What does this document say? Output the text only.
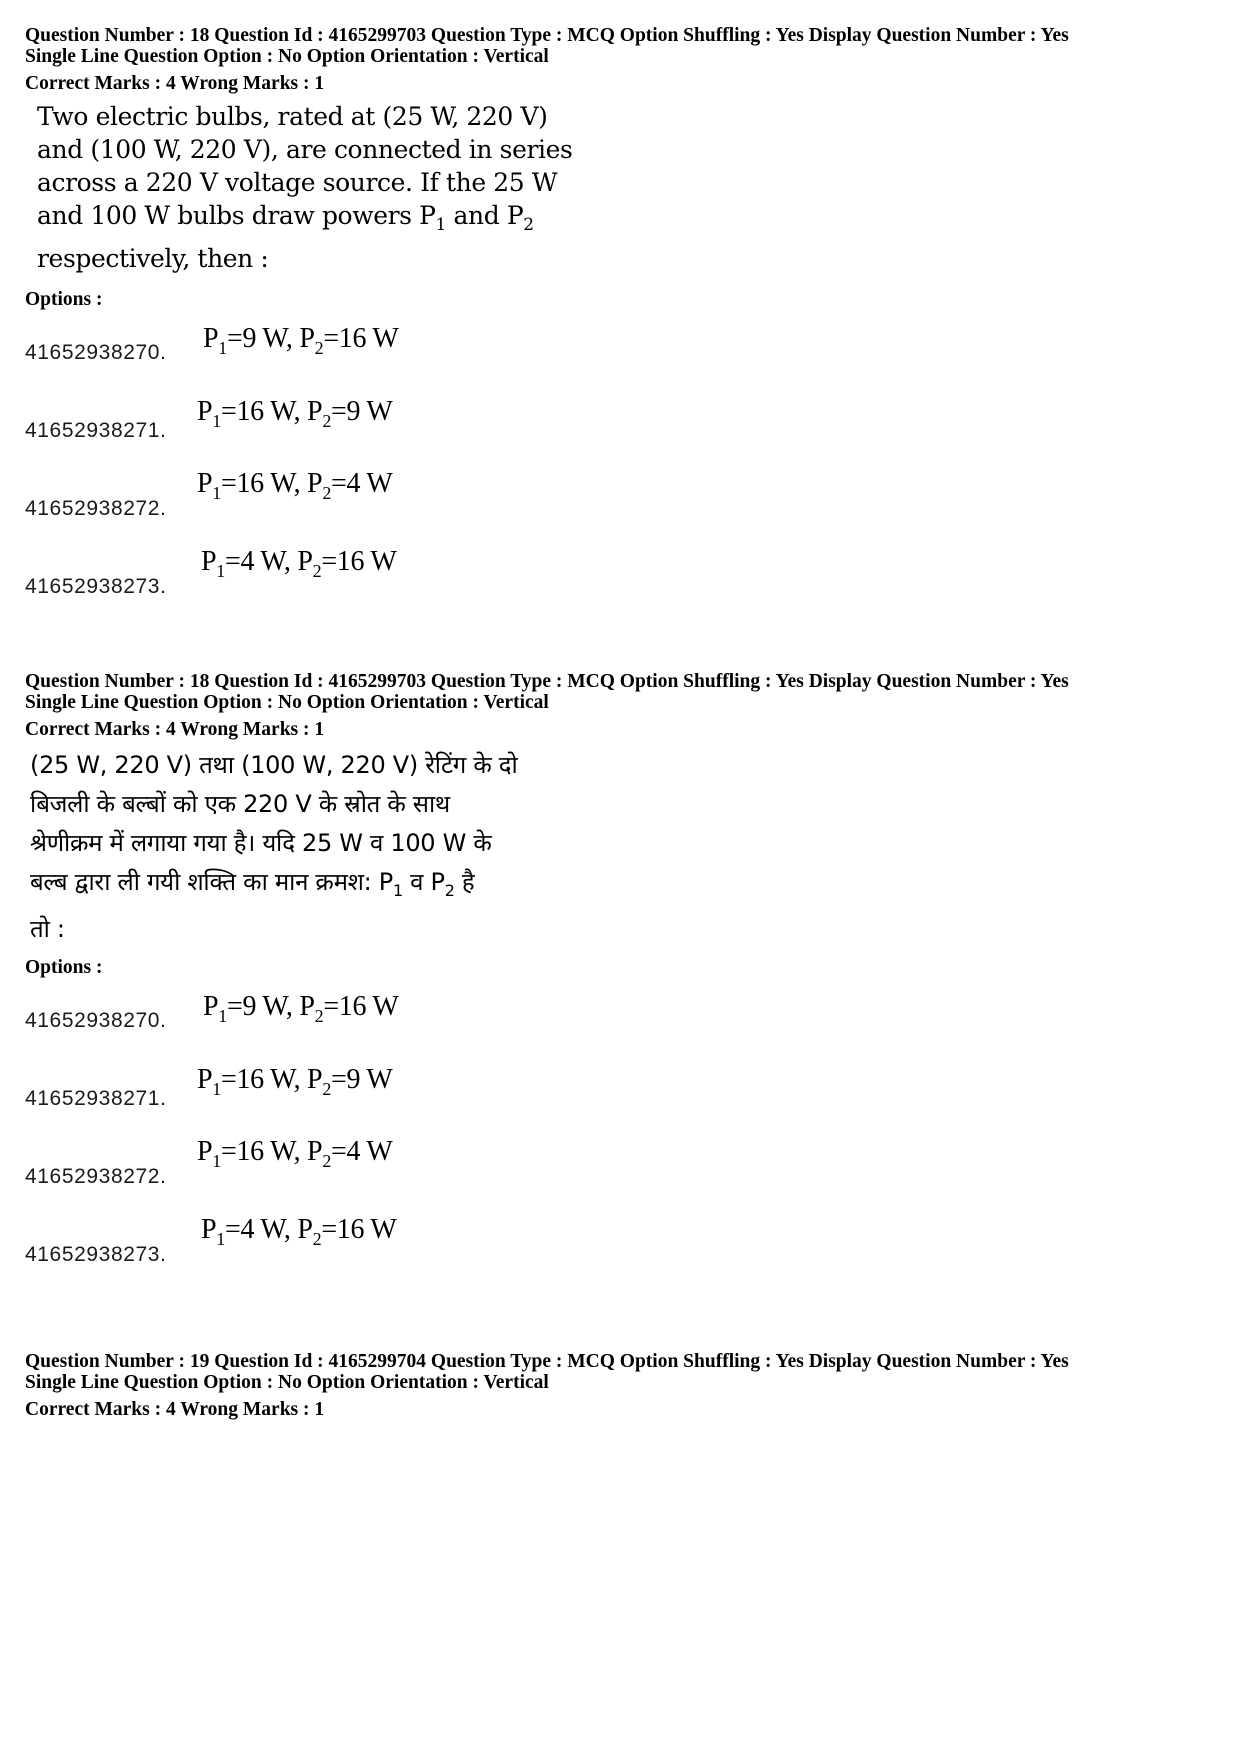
Question Number : 18 Question Id : 4165299703 Question Type : MCQ Option Shuffling : Yes Display Question Number : Yes
Single Line Question Option : No Option Orientation : Vertical
Correct Marks : 4 Wrong Marks : 1
Two electric bulbs, rated at (25 W, 220 V)
and (100 W, 220 V), are connected in series
across a 220 V voltage source. If the 25 W
and 100 W bulbs draw powers $P_1$ and $P_2$
respectively, then :
Options :
41652938270. $P_1=9$ W, $P_2=16$ W
41652938271.
$P_1=16$ W, $P_2=9$ W
41652938272.
$P_1=16$ W, $P_2=4$ W
41652938273.
$P_1=4$ W, $P_2=16$ W
Question Number : 18 Question Id : 4165299703 Question Type : MCQ Option Shuffling : Yes Display Question Number : Yes
Single Line Question Option : No Option Orientation : Vertical
Correct Marks : 4 Wrong Marks : 1
(25 W, 220 V) तथा (100 W, 220 V) रेटिंग के दो
बिजली के बल्बों को एक 220 V के स्रोत के साथ
श्रेणीक्रम में लगाया गया है। यदि 25 W व 100 W के
बल्ब द्वारा ली गयी शक्ति का मान क्रमश: $P_1$ व $P_2$ है
तो :
Options :
41652938270. $P_1=9$ W, $P_2=16$ W
41652938271.
$P_1=16$ W, $P_2=9$ W
41652938272.
$P_1=16$ W, $P_2=4$ W
41652938273.
$P_1=4$ W, $P_2=16$ W
Question Number : 19 Question Id : 4165299704 Question Type : MCQ Option Shuffling : Yes Display Question Number : Yes
Single Line Question Option : No Option Orientation : Vertical
Correct Marks : 4 Wrong Marks : 1
